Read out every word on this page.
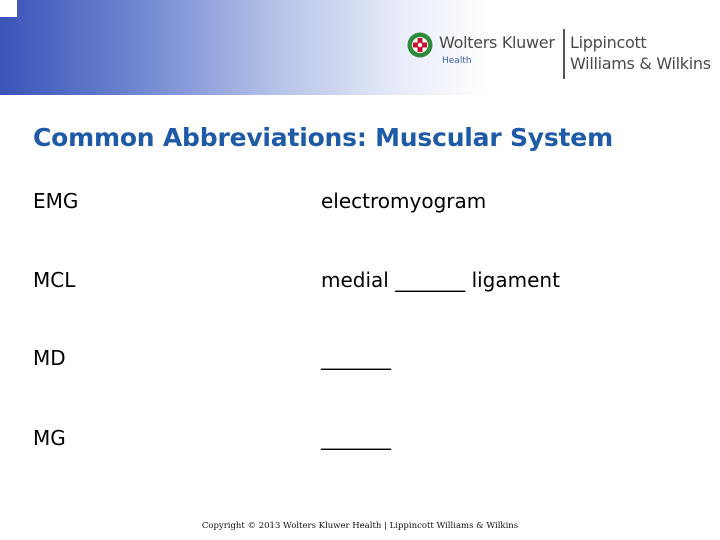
Wolters Kluwer
Health
Lippincott
Williams & Wilkins
Common Abbreviations: Muscular System
EMG	electromyogram
MCL	medial _______ ligament
MD	_______
MG	_______
Copyright © 2013 Wolters Kluwer Health | Lippincott Williams & Wilkins
